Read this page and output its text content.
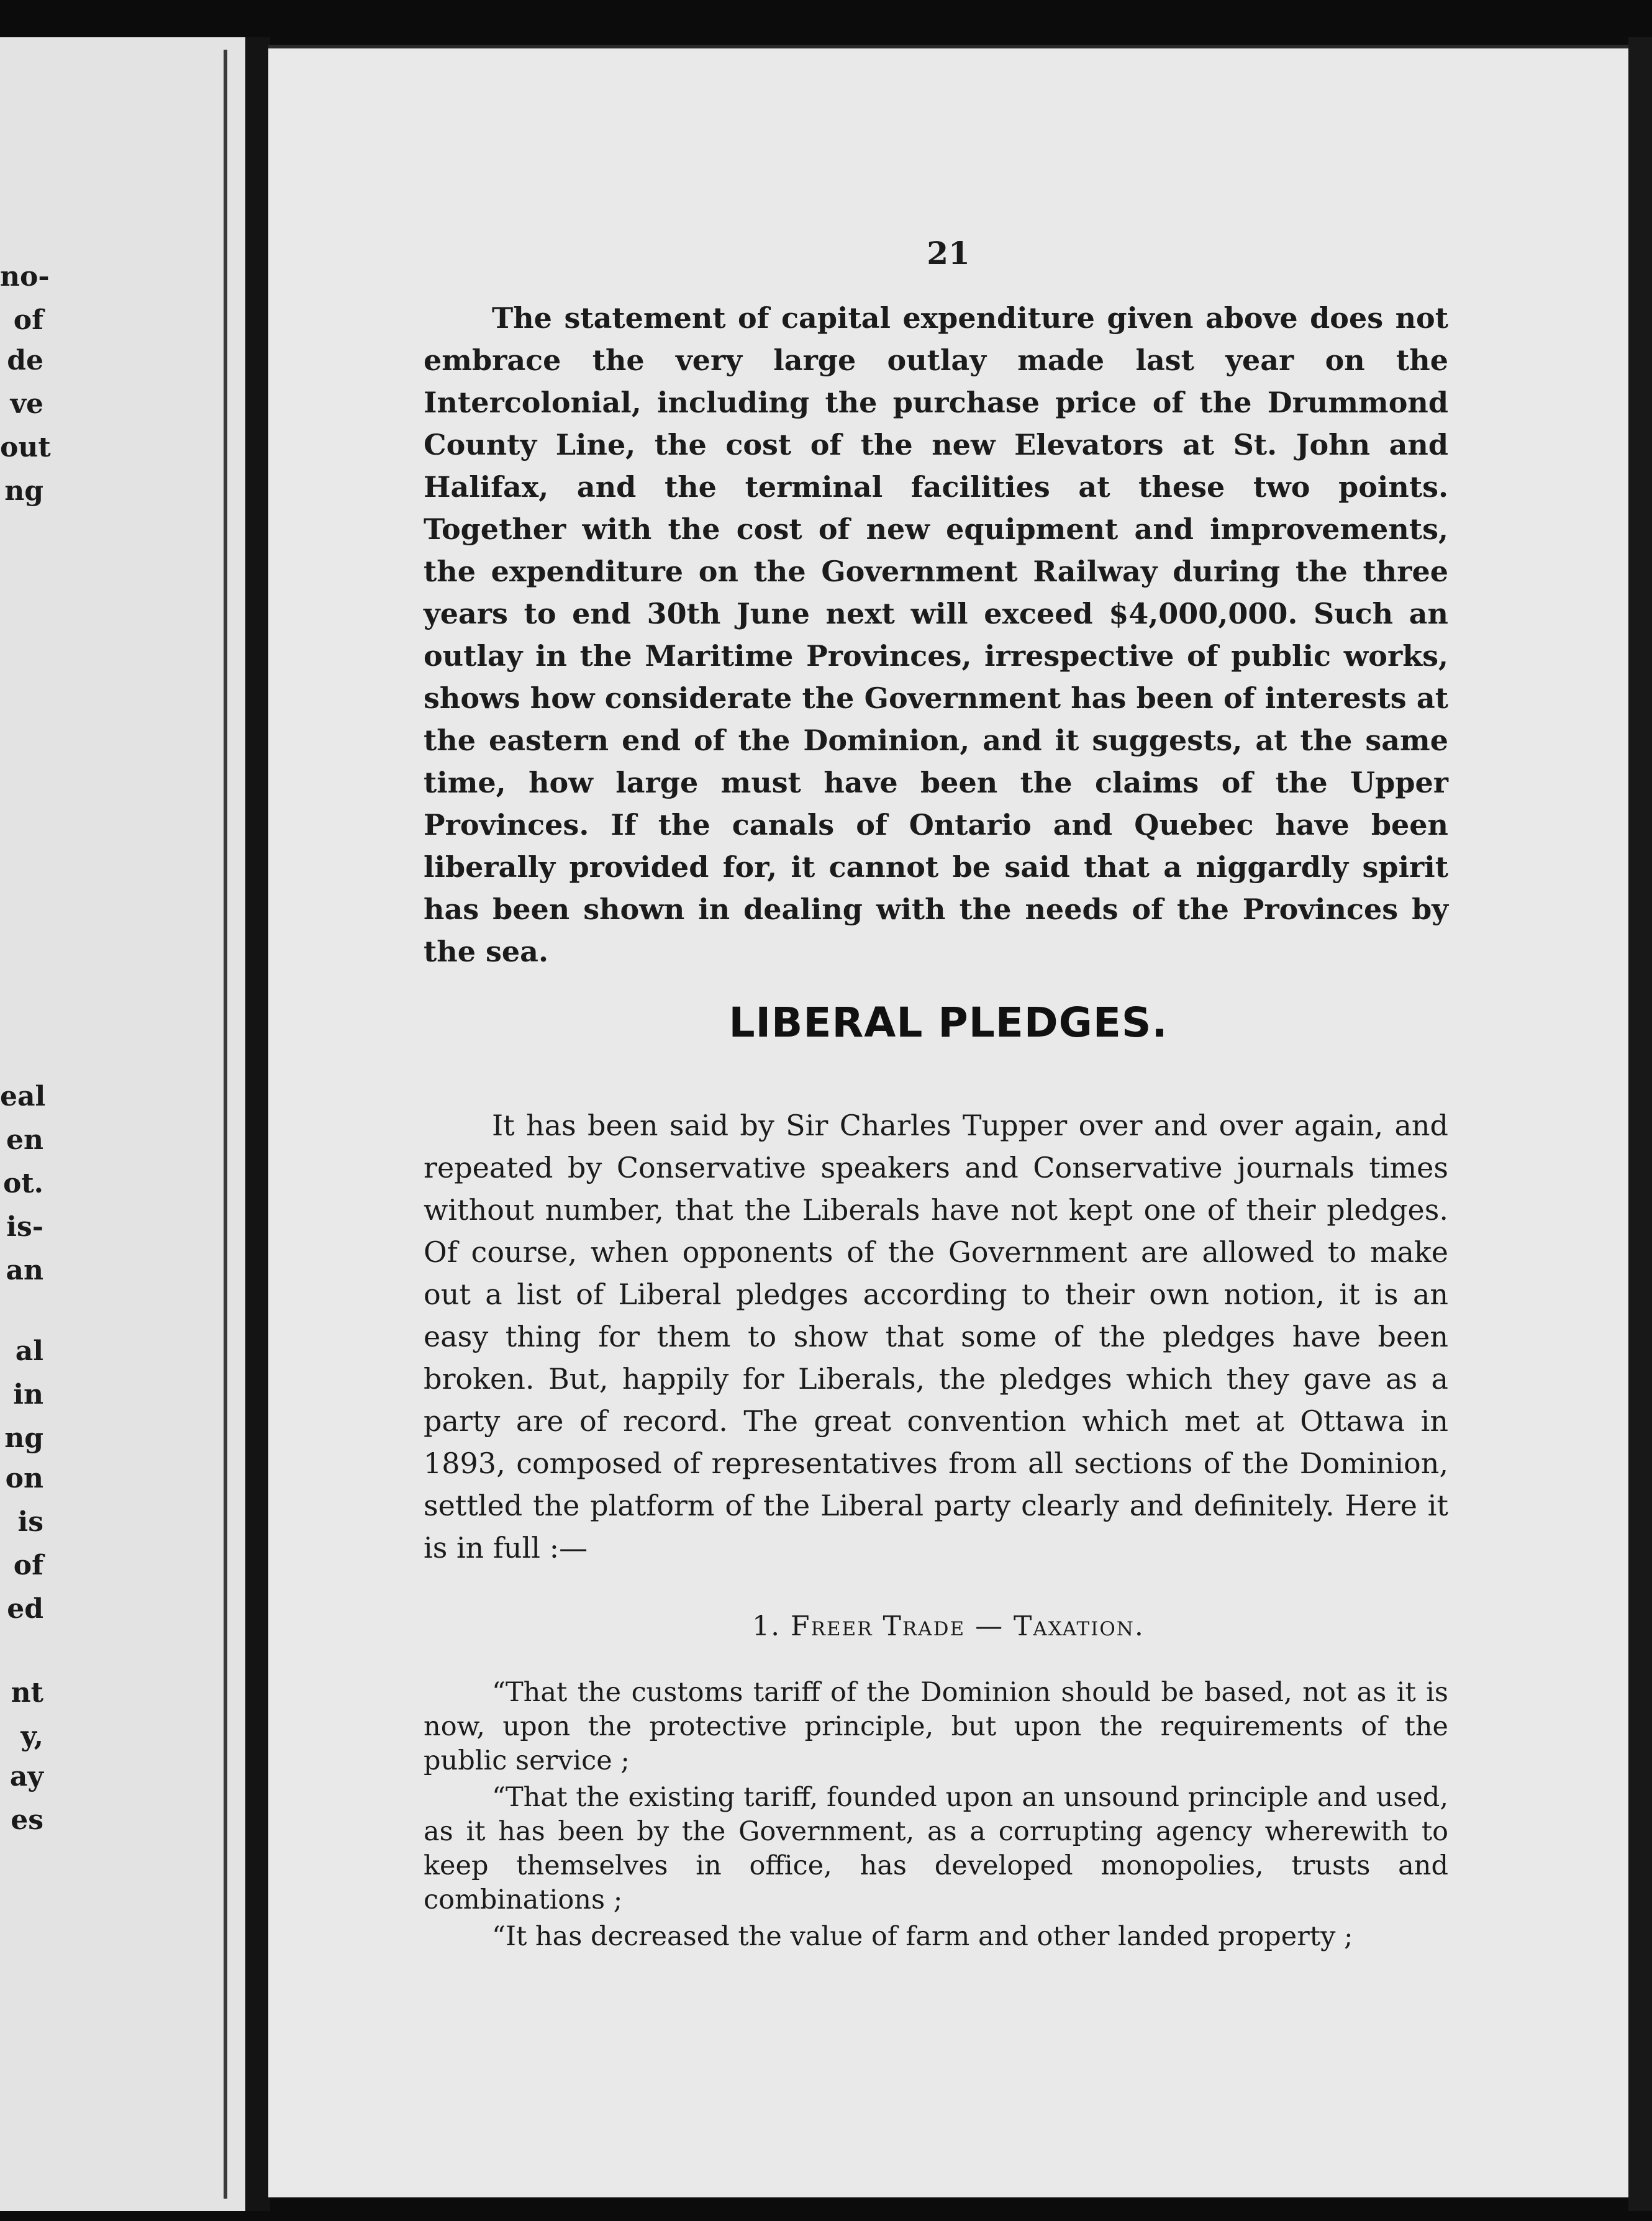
no-
of
de
ve
out
ng
eal
en
ot.
is-
an
al
in
ng
on
is
of
ed
nt
y,
ay
es
21

The statement of capital expenditure given above does not embrace the very large outlay made last year on the Intercolonial, including the purchase price of the Drummond County Line, the cost of the new Elevators at St. John and Halifax, and the terminal facilities at these two points. Together with the cost of new equipment and improvements, the expenditure on the Government Railway during the three years to end 30th June next will exceed $4,000,000. Such an outlay in the Maritime Provinces, irrespective of public works, shows how considerate the Government has been of interests at the eastern end of the Dominion, and it suggests, at the same time, how large must have been the claims of the Upper Provinces. If the canals of Ontario and Quebec have been liberally provided for, it cannot be said that a niggardly spirit has been shown in dealing with the needs of the Provinces by the sea.

LIBERAL PLEDGES.

It has been said by Sir Charles Tupper over and over again, and repeated by Conservative speakers and Conservative journals times without number, that the Liberals have not kept one of their pledges. Of course, when opponents of the Government are allowed to make out a list of Liberal pledges according to their own notion, it is an easy thing for them to show that some of the pledges have been broken. But, happily for Liberals, the pledges which they gave as a party are of record. The great convention which met at Ottawa in 1893, composed of representatives from all sections of the Dominion, settled the platform of the Liberal party clearly and definitely. Here it is in full :—

1. Freer Trade — Taxation.

“That the customs tariff of the Dominion should be based, not as it is now, upon the protective principle, but upon the requirements of the public service ;

“That the existing tariff, founded upon an unsound principle and used, as it has been by the Government, as a corrupting agency wherewith to keep themselves in office, has developed monopolies, trusts and combinations ;

“It has decreased the value of farm and other landed property ;
